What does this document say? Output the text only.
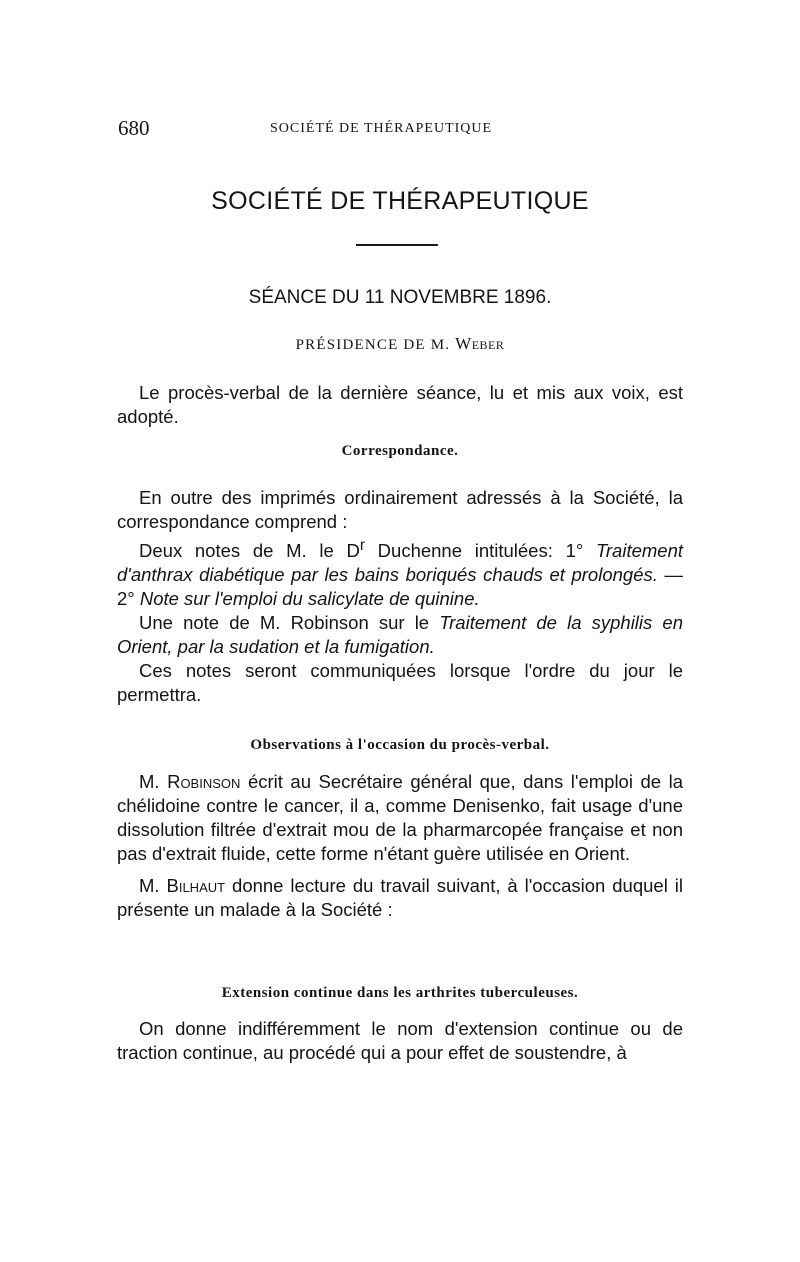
680	SOCIÉTÉ DE THÉRAPEUTIQUE
SOCIÉTÉ DE THÉRAPEUTIQUE
SÉANCE DU 11 NOVEMBRE 1896.
PRÉSIDENCE DE M. Weber

Le procès-verbal de la dernière séance, lu et mis aux voix, est adopté.

Correspondance.

En outre des imprimés ordinairement adressés à la Société, la correspondance comprend :

Deux notes de M. le $D^r$ Duchenne intitulées: 1° Traitement d'anthrax diabétique par les bains boriqués chauds et prolongés. — 2° Note sur l'emploi du salicylate de quinine.

Une note de M. Robinson sur le Traitement de la syphilis en Orient, par la sudation et la fumigation.

Ces notes seront communiquées lorsque l'ordre du jour le permettra.

Observations à l'occasion du procès-verbal.

M. Robinson écrit au Secrétaire général que, dans l'emploi de la chélidoine contre le cancer, il a, comme Denisenko, fait usage d'une dissolution filtrée d'extrait mou de la pharmarcopée française et non pas d'extrait fluide, cette forme n'étant guère utilisée en Orient.

M. Bilhaut donne lecture du travail suivant, à l'occasion duquel il présente un malade à la Société :

Extension continue dans les arthrites tuberculeuses.

On donne indifféremment le nom d'extension continue ou de traction continue, au procédé qui a pour effet de soustendre, à
